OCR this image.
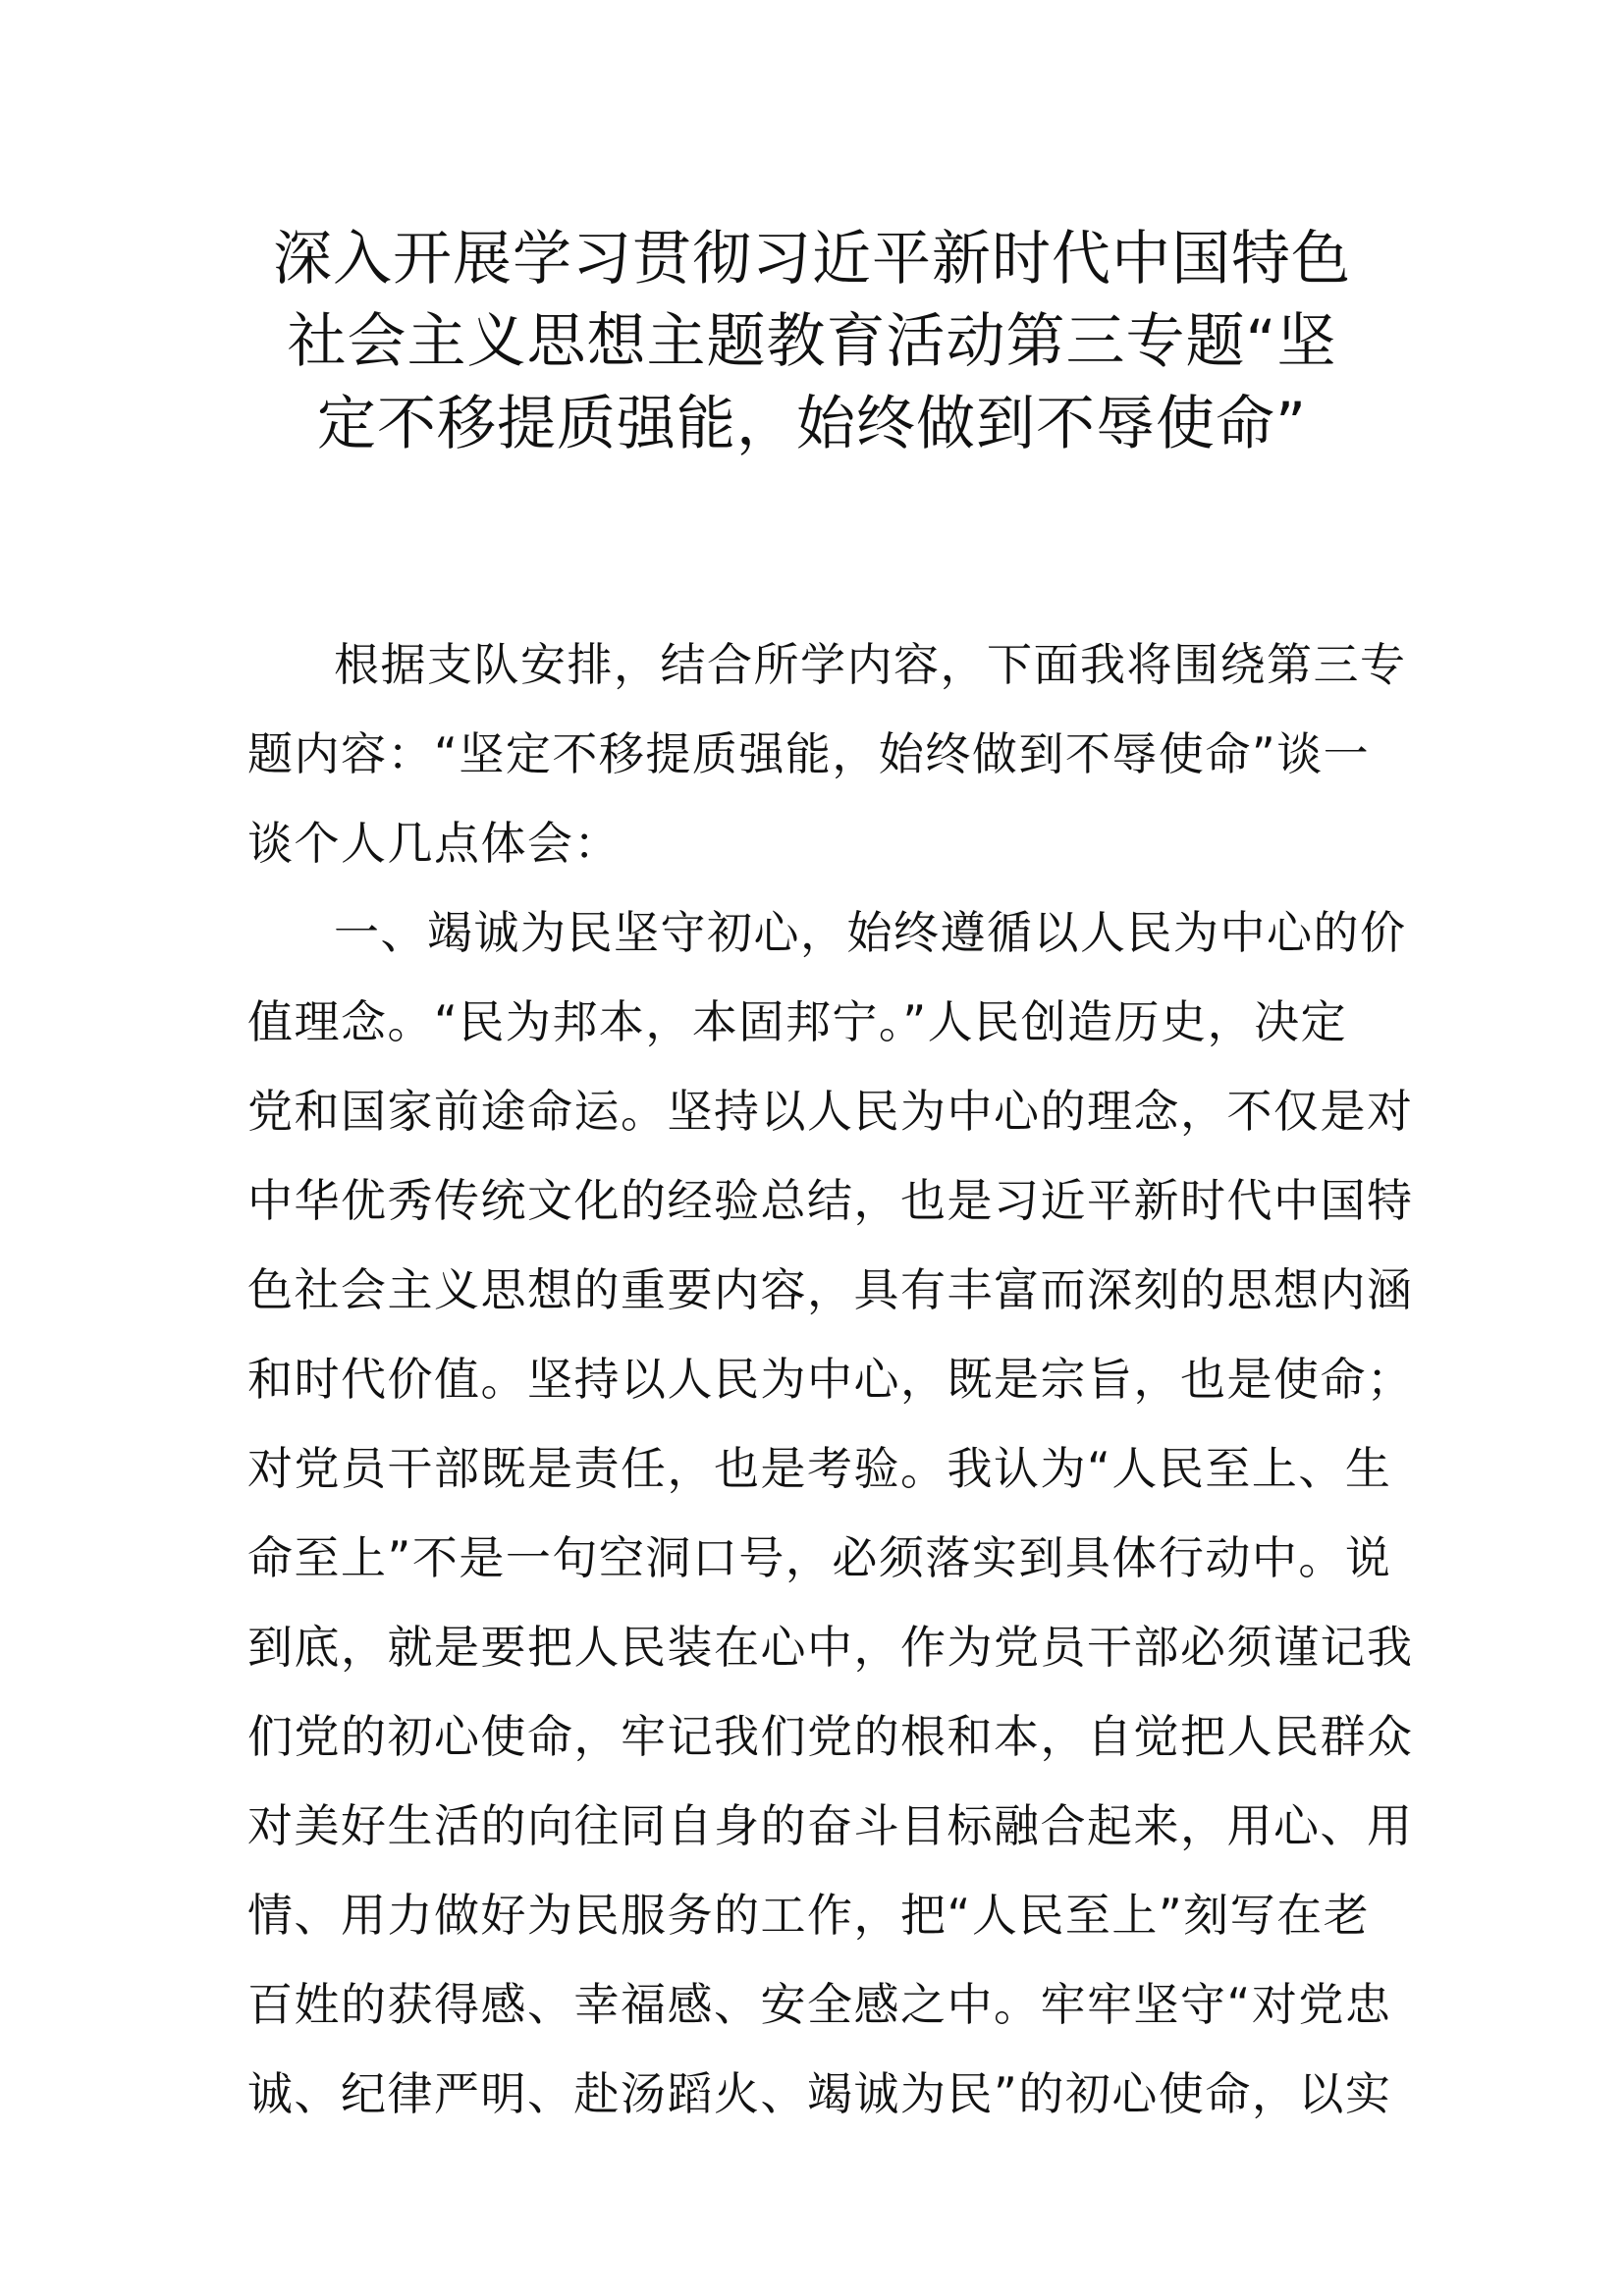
深入开展学习贯彻习近平新时代中国特色
社会主义思想主题教育活动第三专题“坚
定不移提质强能，始终做到不辱使命”
根据支队安排，结合所学内容，下面我将围绕第三专
题内容：“坚定不移提质强能，始终做到不辱使命”谈一
谈个人几点体会：
一、竭诚为民坚守初心，始终遵循以人民为中心的价
值理念。“民为邦本，本固邦宁。”人民创造历史，决定
党和国家前途命运。坚持以人民为中心的理念，不仅是对
中华优秀传统文化的经验总结，也是习近平新时代中国特
色社会主义思想的重要内容，具有丰富而深刻的思想内涵
和时代价值。坚持以人民为中心，既是宗旨，也是使命；
对党员干部既是责任，也是考验。我认为“人民至上、生
命至上”不是一句空洞口号，必须落实到具体行动中。说
到底，就是要把人民装在心中，作为党员干部必须谨记我
们党的初心使命，牢记我们党的根和本，自觉把人民群众
对美好生活的向往同自身的奋斗目标融合起来，用心、用
情、用力做好为民服务的工作，把“人民至上”刻写在老
百姓的获得感、幸福感、安全感之中。牢牢坚守“对党忠
诚、纪律严明、赴汤蹈火、竭诚为民”的初心使命，以实
